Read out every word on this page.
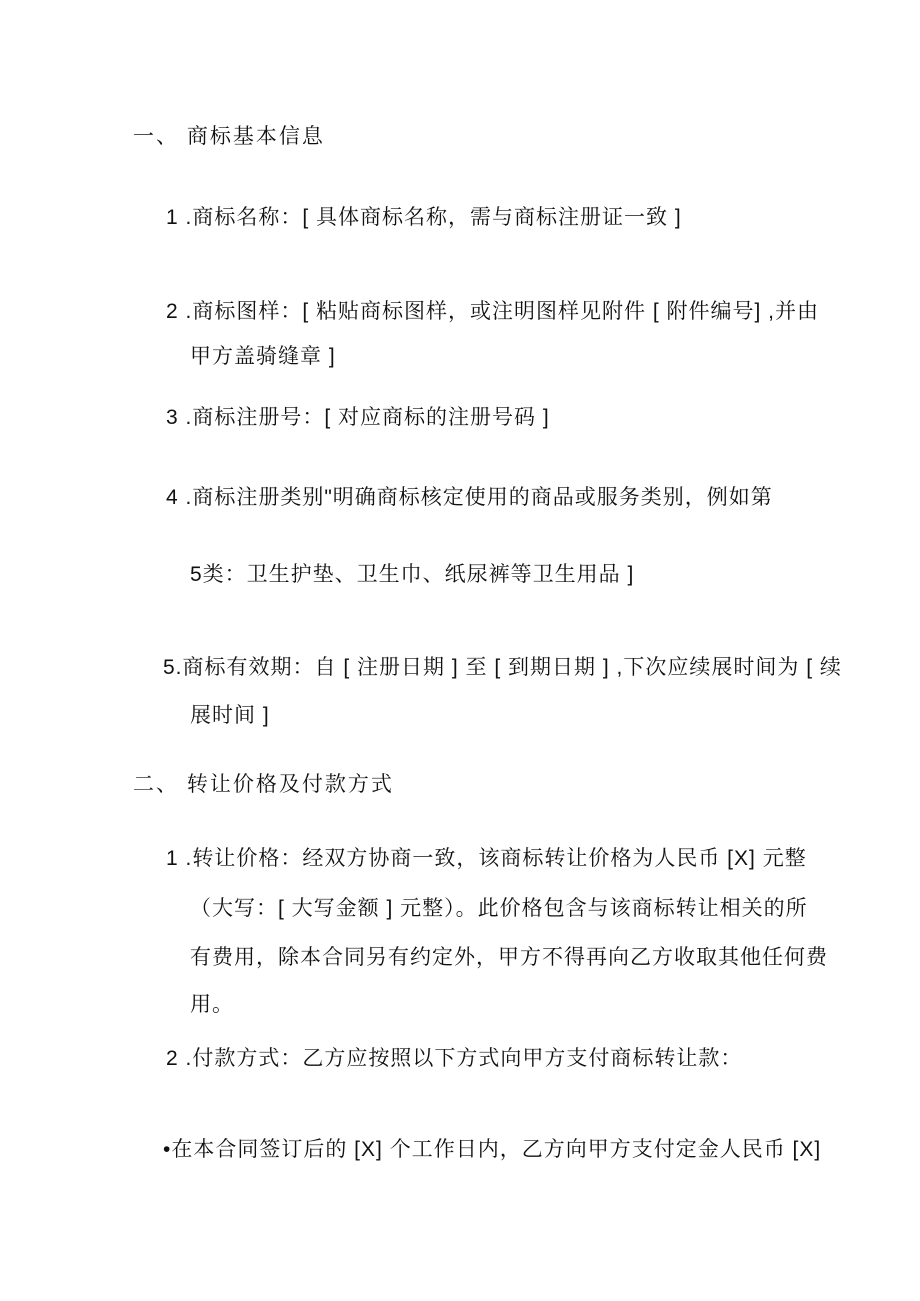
一、 商标基本信息
1 .商标名称：[ 具体商标名称，需与商标注册证一致 ]
2 .商标图样：[ 粘贴商标图样，或注明图样见附件 [ 附件编号] ,并由
甲方盖骑缝章 ]
3 .商标注册号：[ 对应商标的注册号码 ]
4 .商标注册类别"明确商标核定使用的商品或服务类别，例如第
5类：卫生护垫、卫生巾、纸尿裤等卫生用品 ]
5.商标有效期：自 [ 注册日期 ] 至 [ 到期日期 ] ,下次应续展时间为 [ 续
展时间 ]
二、 转让价格及付款方式
1 .转让价格：经双方协商一致，该商标转让价格为人民币 [X] 元整
（大写：[ 大写金额 ] 元整）。此价格包含与该商标转让相关的所
有费用，除本合同另有约定外，甲方不得再向乙方收取其他任何费
用。
2 .付款方式：乙方应按照以下方式向甲方支付商标转让款：
•在本合同签订后的 [X] 个工作日内，乙方向甲方支付定金人民币 [X]
